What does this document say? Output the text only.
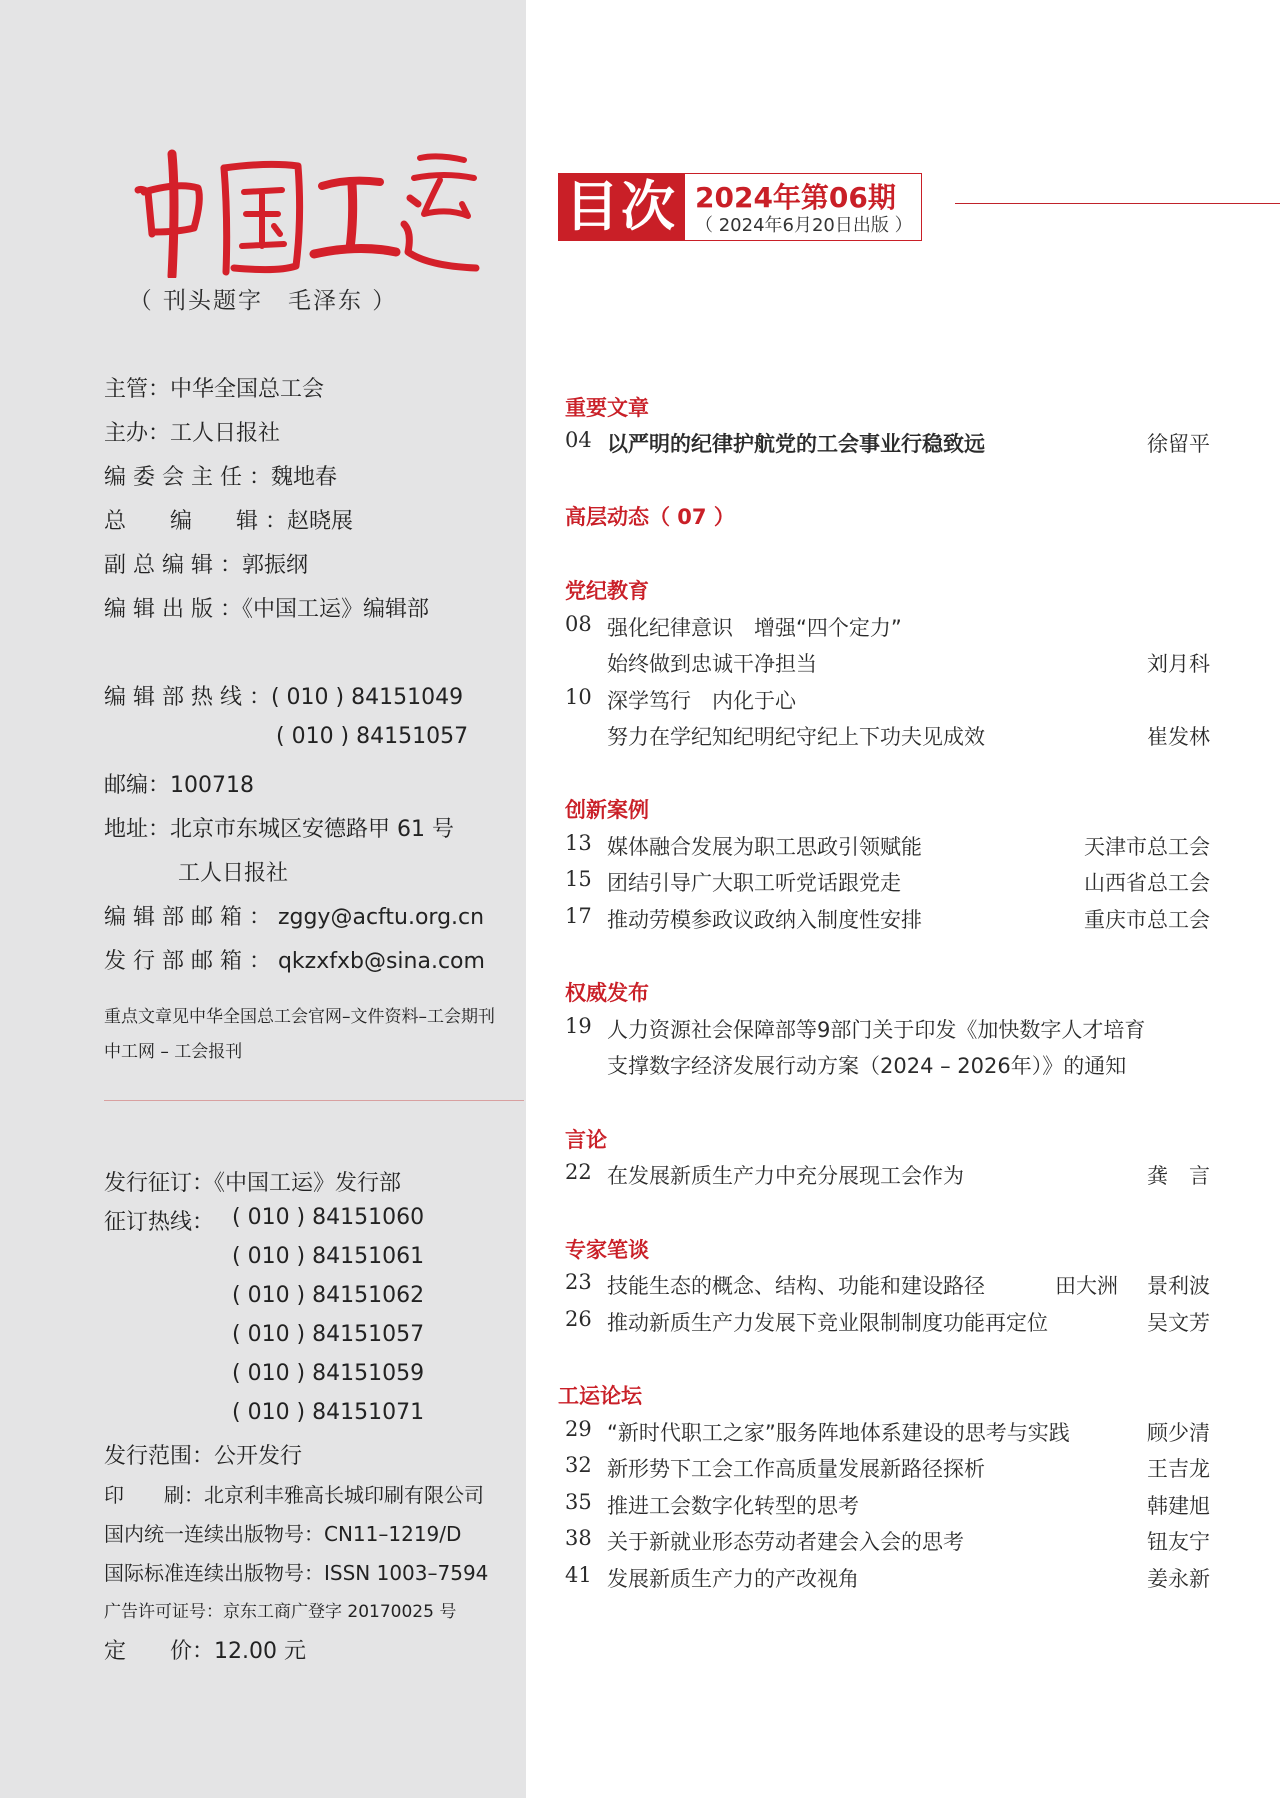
（ 刊头题字　毛泽东 ）
主管：中华全国总工会
主办：工人日报社
编 委 会 主 任 ：魏地春
总　　编　　辑 ：赵晓展
副 总 编 辑 ：郭振纲
编 辑 出 版 ：《中国工运》编辑部
编 辑 部 热 线 ：( 010 ) 84151049
( 010 ) 84151057
邮编：100718
地址：北京市东城区安德路甲 61 号
工人日报社
编 辑 部 邮 箱 ： zggy@acftu.org.cn
发 行 部 邮 箱 ： qkzxfxb@sina.com
重点文章见中华全国总工会官网–文件资料–工会期刊
中工网 – 工会报刊
发行征订：《中国工运》发行部
征订热线： ( 010 ) 84151060
( 010 ) 84151061
( 010 ) 84151062
( 010 ) 84151057
( 010 ) 84151059
( 010 ) 84151071
发行范围：公开发行
印　　刷：北京利丰雅高长城印刷有限公司
国内统一连续出版物号：CN11–1219/D
国际标准连续出版物号：ISSN 1003–7594
广告许可证号：京东工商广登字 20170025 号
定　　价：12.00 元
目次 2024年第06期
（ 2024年6月20日出版 ）
重要文章
04 以严明的纪律护航党的工会事业行稳致远	徐留平
高层动态（ 07 ）
党纪教育
08 强化纪律意识　增强“四个定力”
始终做到忠诚干净担当	刘月科
10 深学笃行　内化于心
努力在学纪知纪明纪守纪上下功夫见成效	崔发林
创新案例
13 媒体融合发展为职工思政引领赋能	天津市总工会
15 团结引导广大职工听党话跟党走	山西省总工会
17 推动劳模参政议政纳入制度性安排	重庆市总工会
权威发布
19 人力资源社会保障部等9部门关于印发《加快数字人才培育
支撑数字经济发展行动方案（2024 – 2026年）》的通知
言论
22 在发展新质生产力中充分展现工会作为	龚　言
专家笔谈
23 技能生态的概念、结构、功能和建设路径	田大洲 景利波
26 推动新质生产力发展下竞业限制制度功能再定位	吴文芳
工运论坛
29 “新时代职工之家”服务阵地体系建设的思考与实践	顾少清
32 新形势下工会工作高质量发展新路径探析	王吉龙
35 推进工会数字化转型的思考	韩建旭
38 关于新就业形态劳动者建会入会的思考	钮友宁
41 发展新质生产力的产改视角	姜永新
